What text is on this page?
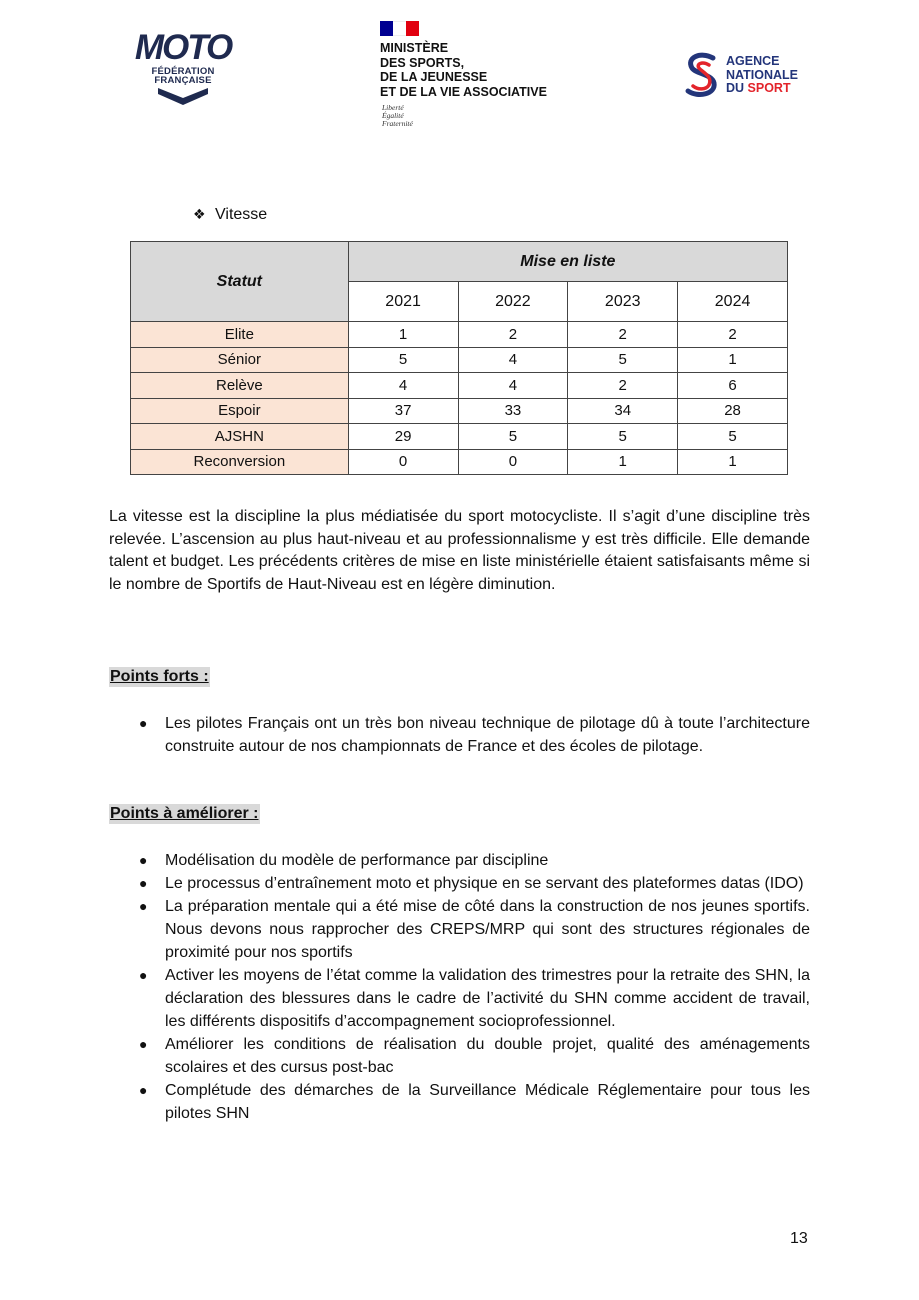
MOTO
FÉDÉRATION
FRANÇAISE
MINISTÈRE
DES SPORTS,
DE LA JEUNESSE
ET DE LA VIE ASSOCIATIVE
Liberté
Égalité
Fraternité
AGENCE
NATIONALE
DU SPORT
❖ Vitesse
Statut	Mise en liste			
	2021	2022	2023	2024
Elite	1	2	2	2
Sénior	5	4	5	1
Relève	4	4	2	6
Espoir	37	33	34	28
AJSHN	29	5	5	5
Reconversion	0	0	1	1
La vitesse est la discipline la plus médiatisée du sport motocycliste. Il s’agit d’une discipline très relevée. L’ascension au plus haut-niveau et au professionnalisme y est très difficile. Elle demande talent et budget. Les précédents critères de mise en liste ministérielle étaient satisfaisants même si le nombre de Sportifs de Haut-Niveau est en légère diminution.
Points forts :
● Les pilotes Français ont un très bon niveau technique de pilotage dû à toute l’architecture construite autour de nos championnats de France et des écoles de pilotage.
Points à améliorer :
● Modélisation du modèle de performance par discipline
● Le processus d’entraînement moto et physique en se servant des plateformes datas (IDO)
● La préparation mentale qui a été mise de côté dans la construction de nos jeunes sportifs. Nous devons nous rapprocher des CREPS/MRP qui sont des structures régionales de proximité pour nos sportifs
● Activer les moyens de l’état comme la validation des trimestres pour la retraite des SHN, la déclaration des blessures dans le cadre de l’activité du SHN comme accident de travail, les différents dispositifs d’accompagnement socioprofessionnel.
● Améliorer les conditions de réalisation du double projet, qualité des aménagements scolaires et des cursus post-bac
● Complétude des démarches de la Surveillance Médicale Réglementaire pour tous les pilotes SHN
13
